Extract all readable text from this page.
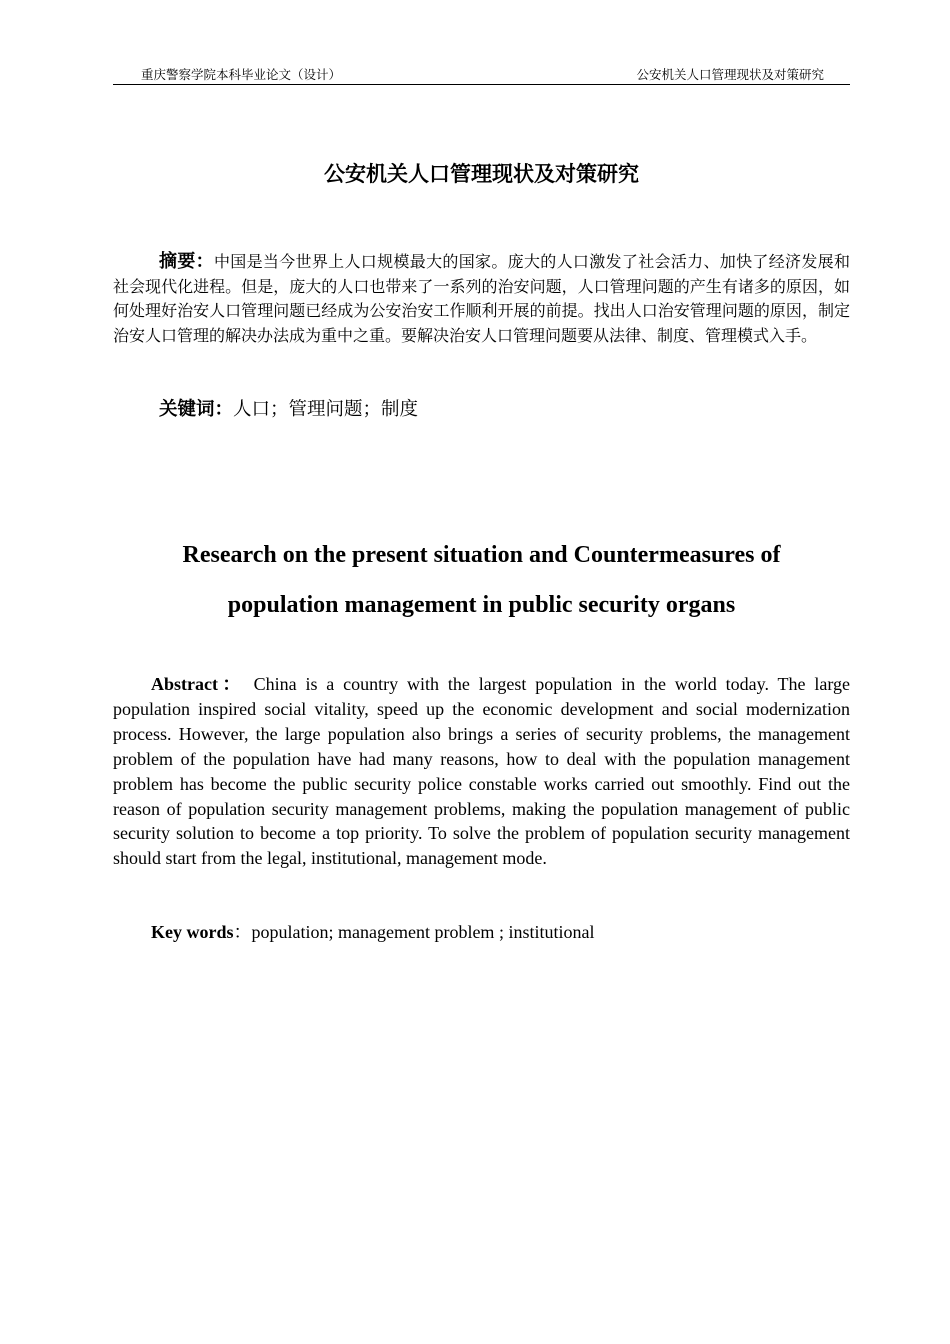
重庆警察学院本科毕业论文（设计）	公安机关人口管理现状及对策研究
公安机关人口管理现状及对策研究

摘要：中国是当今世界上人口规模最大的国家。庞大的人口激发了社会活力、加快了经济发展和社会现代化进程。但是，庞大的人口也带来了一系列的治安问题，人口管理问题的产生有诸多的原因，如何处理好治安人口管理问题已经成为公安治安工作顺利开展的前提。找出人口治安管理问题的原因，制定治安人口管理的解决办法成为重中之重。要解决治安人口管理问题要从法律、制度、管理模式入手。

关键词：人口；管理问题；制度

Research on the present situation and Countermeasures of
population management in public security organs

Abstract： China is a country with the largest population in the world today. The large population inspired social vitality, speed up the economic development and social modernization process. However, the large population also brings a series of security problems, the management problem of the population have had many reasons, how to deal with the population management problem has become the public security police constable works carried out smoothly. Find out the reason of population security management problems, making the population management of public security solution to become a top priority. To solve the problem of population security management should start from the legal, institutional, management mode.

Key words：population; management problem ; institutional
